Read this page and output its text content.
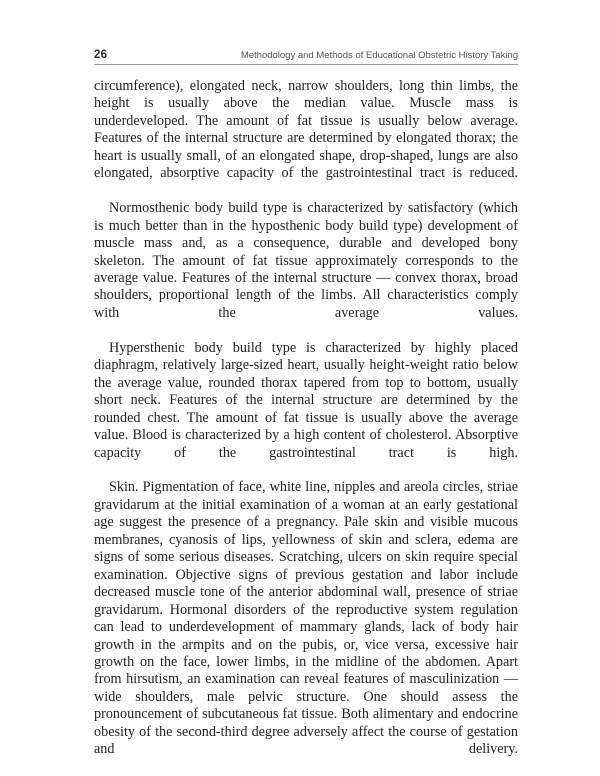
26	Methodology and Methods of Educational Obstetric History Taking

circumference), elongated neck, narrow shoulders, long thin limbs, the height is usually above the median value. Muscle mass is underdeveloped. The amount of fat tissue is usually below average. Features of the internal structure are determined by elongated thorax; the heart is usually small, of an elongated shape, drop-shaped, lungs are also elongated, absorptive capacity of the gastrointestinal tract is reduced.

Normosthenic body build type is characterized by satisfactory (which is much better than in the hyposthenic body build type) development of muscle mass and, as a consequence, durable and developed bony skeleton. The amount of fat tissue approximately corresponds to the average value. Features of the internal structure — convex thorax, broad shoulders, proportional length of the limbs. All characteristics comply with the average values.

Hypersthenic body build type is characterized by highly placed diaphragm, relatively large-sized heart, usually height-weight ratio below the average value, rounded thorax tapered from top to bottom, usually short neck. Features of the internal structure are determined by the rounded chest. The amount of fat tissue is usually above the average value. Blood is characterized by a high content of cholesterol. Absorptive capacity of the gastrointestinal tract is high.

Skin. Pigmentation of face, white line, nipples and areola circles, striae gravidarum at the initial examination of a woman at an early gestational age suggest the presence of a pregnancy. Pale skin and visible mucous membranes, cyanosis of lips, yellowness of skin and sclera, edema are signs of some serious diseases. Scratching, ulcers on skin require special examination. Objective signs of previous gestation and labor include decreased muscle tone of the anterior abdominal wall, presence of striae gravidarum. Hormonal disorders of the reproductive system regulation can lead to underdevelopment of mammary glands, lack of body hair growth in the armpits and on the pubis, or, vice versa, excessive hair growth on the face, lower limbs, in the midline of the abdomen. Apart from hirsutism, an examination can reveal features of masculinization — wide shoulders, male pelvic structure. One should assess the pronouncement of subcutaneous fat tissue. Both alimentary and endocrine obesity of the second-third degree adversely affect the course of gestation and delivery.
